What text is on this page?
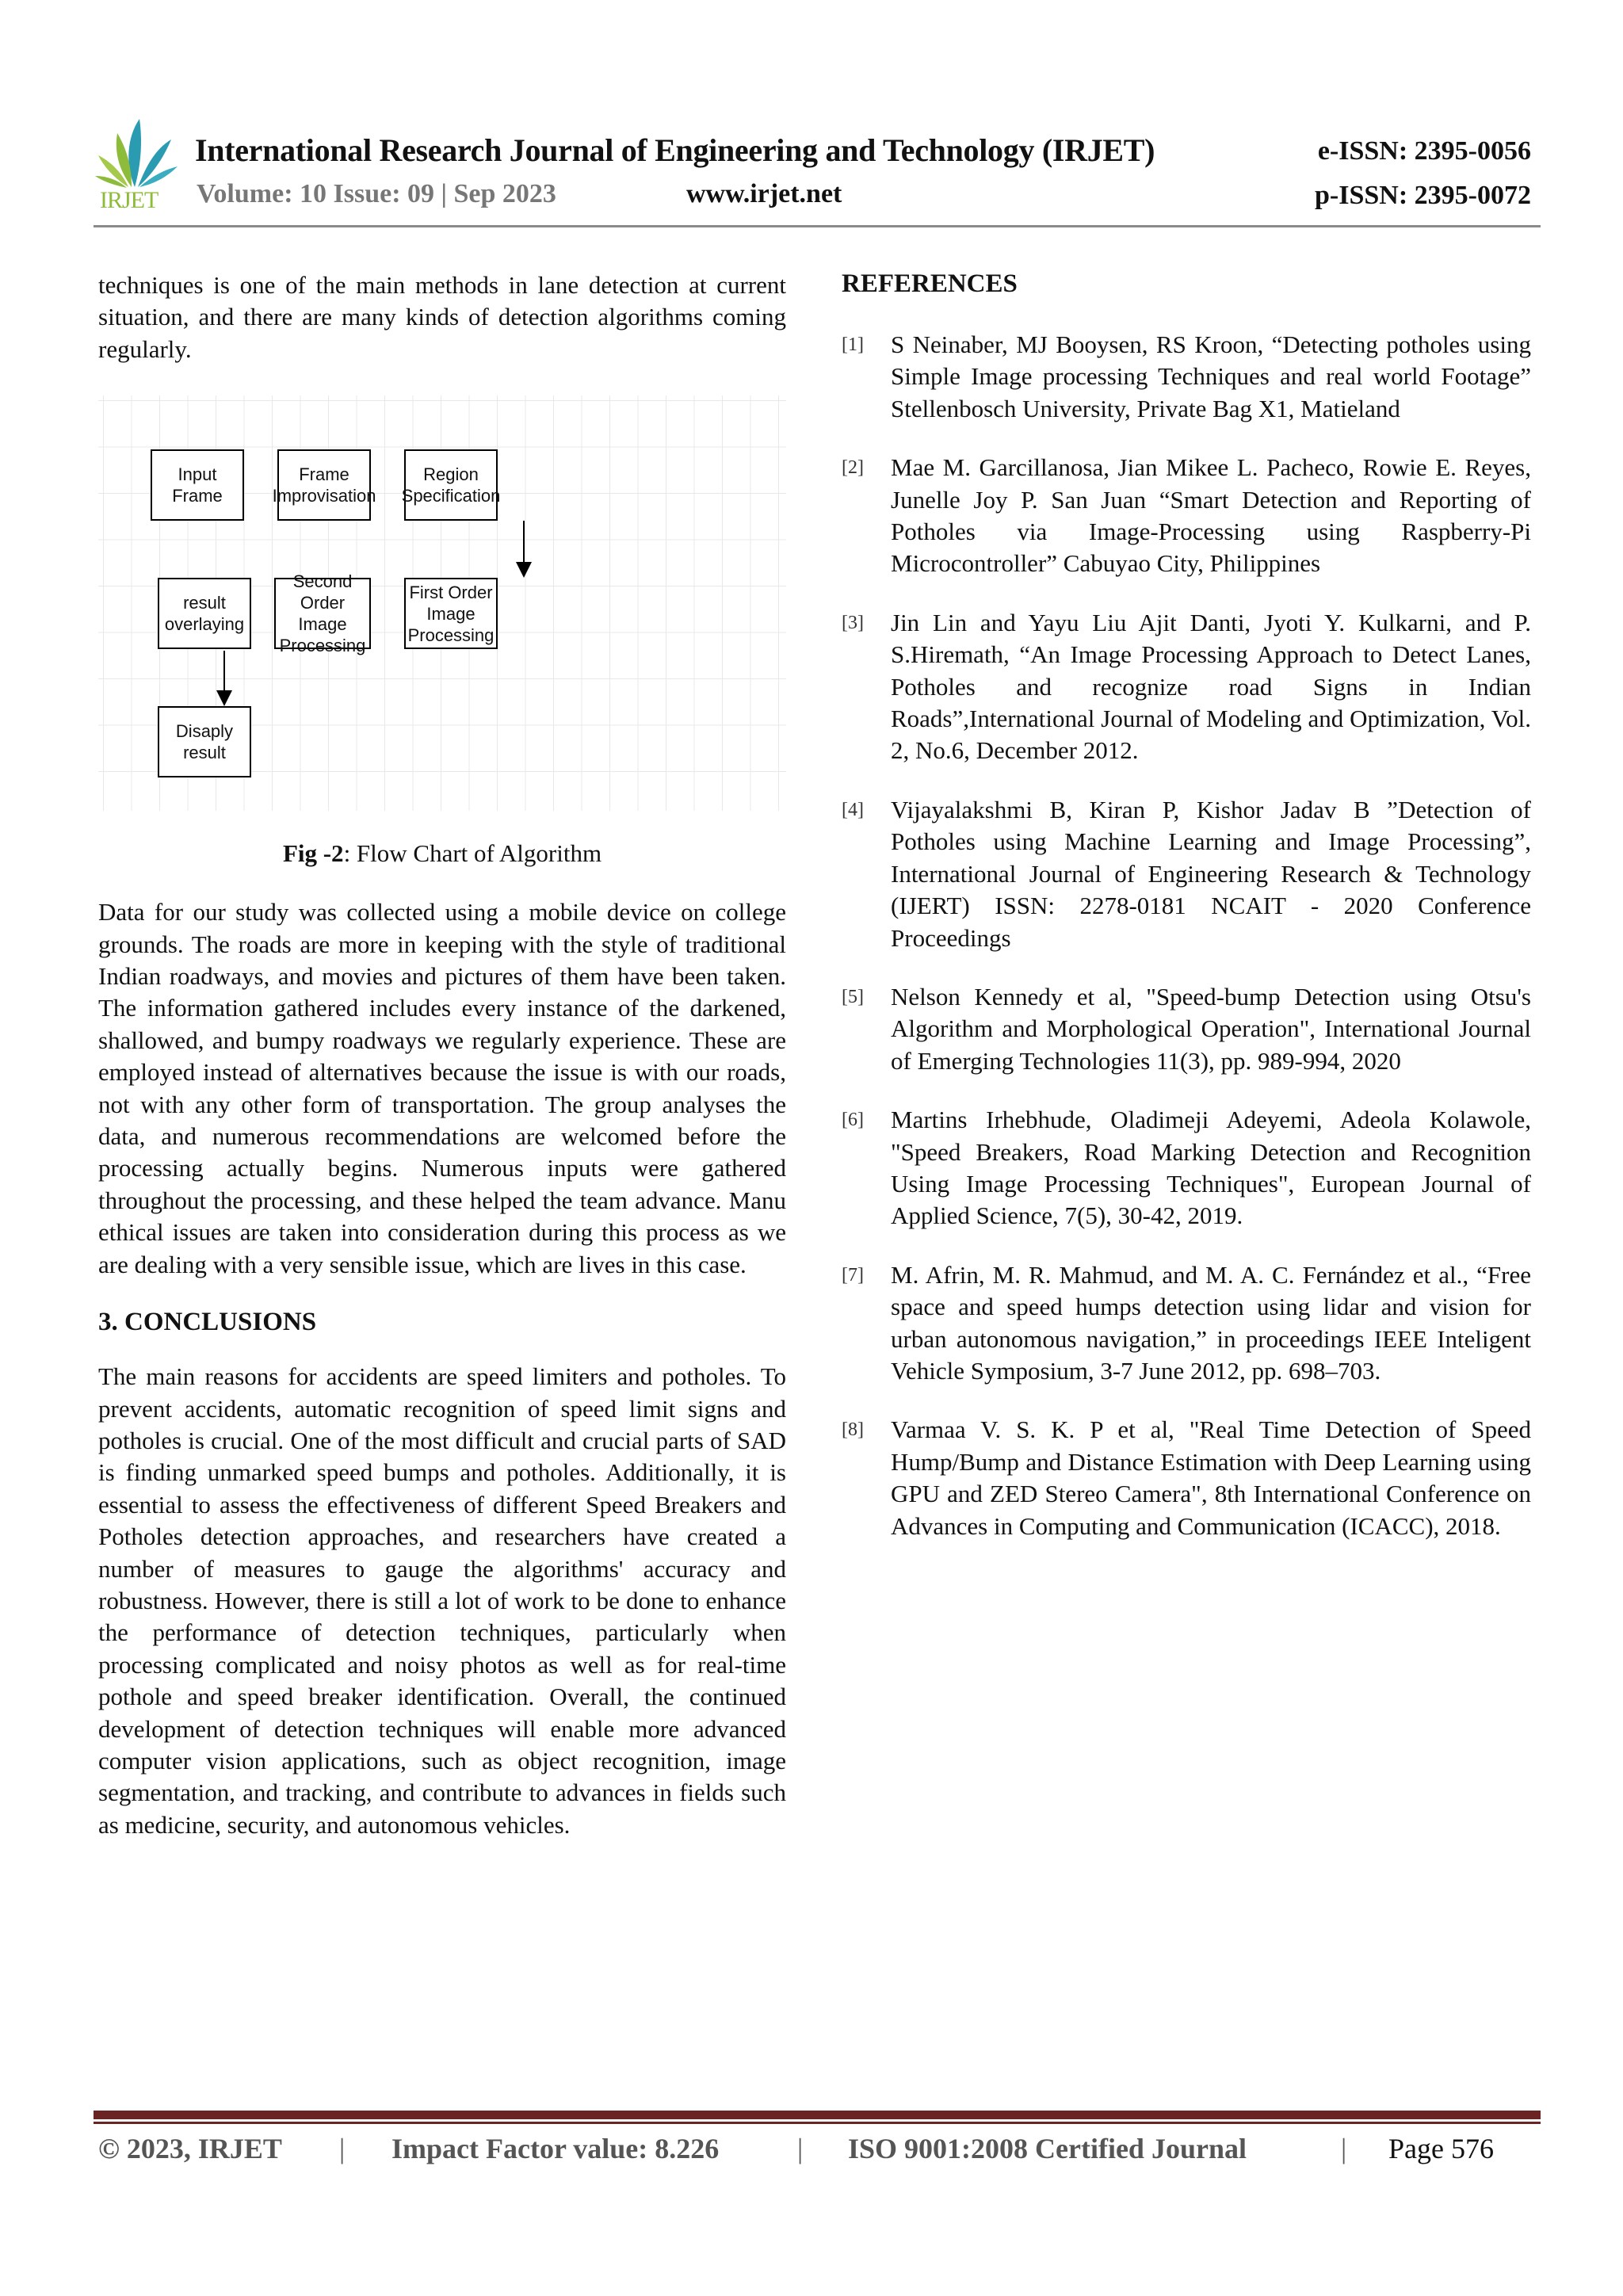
IRJET
International Research Journal of Engineering and Technology (IRJET)	e-ISSN: 2395-0056
Volume: 10 Issue: 09 | Sep 2023	www.irjet.net	p-ISSN: 2395-0072

techniques is one of the main methods in lane detection at current situation, and there are many kinds of detection algorithms coming regularly.

Input Frame
Frame Improvisation
Region Specification
First Order Image Processing
Second Order Image Processing
result overlaying
Disaply result
Fig -2: Flow Chart of Algorithm

Data for our study was collected using a mobile device on college grounds. The roads are more in keeping with the style of traditional Indian roadways, and movies and pictures of them have been taken. The information gathered includes every instance of the darkened, shallowed, and bumpy roadways we regularly experience. These are employed instead of alternatives because the issue is with our roads, not with any other form of transportation. The group analyses the data, and numerous recommendations are welcomed before the processing actually begins. Numerous inputs were gathered throughout the processing, and these helped the team advance. Manu ethical issues are taken into consideration during this process as we are dealing with a very sensible issue, which are lives in this case.

3. CONCLUSIONS

The main reasons for accidents are speed limiters and potholes. To prevent accidents, automatic recognition of speed limit signs and potholes is crucial. One of the most difficult and crucial parts of SAD is finding unmarked speed bumps and potholes. Additionally, it is essential to assess the effectiveness of different Speed Breakers and Potholes detection approaches, and researchers have created a number of measures to gauge the algorithms' accuracy and robustness. However, there is still a lot of work to be done to enhance the performance of detection techniques, particularly when processing complicated and noisy photos as well as for real-time pothole and speed breaker identification. Overall, the continued development of detection techniques will enable more advanced computer vision applications, such as object recognition, image segmentation, and tracking, and contribute to advances in fields such as medicine, security, and autonomous vehicles.

REFERENCES
[1]	S Neinaber, MJ Booysen, RS Kroon, “Detecting potholes using Simple Image processing Techniques and real world Footage” Stellenbosch University, Private Bag X1, Matieland
[2]	Mae M. Garcillanosa, Jian Mikee L. Pacheco, Rowie E. Reyes, Junelle Joy P. San Juan “Smart Detection and Reporting of Potholes via Image-Processing using Raspberry-Pi Microcontroller” Cabuyao City, Philippines
[3]	Jin Lin and Yayu Liu Ajit Danti, Jyoti Y. Kulkarni, and P. S.Hiremath, “An Image Processing Approach to Detect Lanes, Potholes and recognize road Signs in Indian Roads”,International Journal of Modeling and Optimization, Vol. 2, No.6, December 2012.
[4]	Vijayalakshmi B, Kiran P, Kishor Jadav B ”Detection of Potholes using Machine Learning and Image Processing”, International Journal of Engineering Research & Technology (IJERT) ISSN: 2278-0181 NCAIT - 2020 Conference Proceedings
[5]	Nelson Kennedy et al, "Speed-bump Detection using Otsu's Algorithm and Morphological Operation", International Journal of Emerging Technologies 11(3), pp. 989-994, 2020
[6]	Martins Irhebhude, Oladimeji Adeyemi, Adeola Kolawole, "Speed Breakers, Road Marking Detection and Recognition Using Image Processing Techniques", European Journal of Applied Science, 7(5), 30-42, 2019.
[7]	M. Afrin, M. R. Mahmud, and M. A. C. Fernández et al., “Free space and speed humps detection using lidar and vision for urban autonomous navigation,” in proceedings IEEE Inteligent Vehicle Symposium, 3-7 June 2012, pp. 698–703.
[8]	Varmaa V. S. K. P et al, "Real Time Detection of Speed Hump/Bump and Distance Estimation with Deep Learning using GPU and ZED Stereo Camera", 8th International Conference on Advances in Computing and Communication (ICACC), 2018.
© 2023, IRJET | Impact Factor value: 8.226	| ISO 9001:2008 Certified Journal	| Page 576
